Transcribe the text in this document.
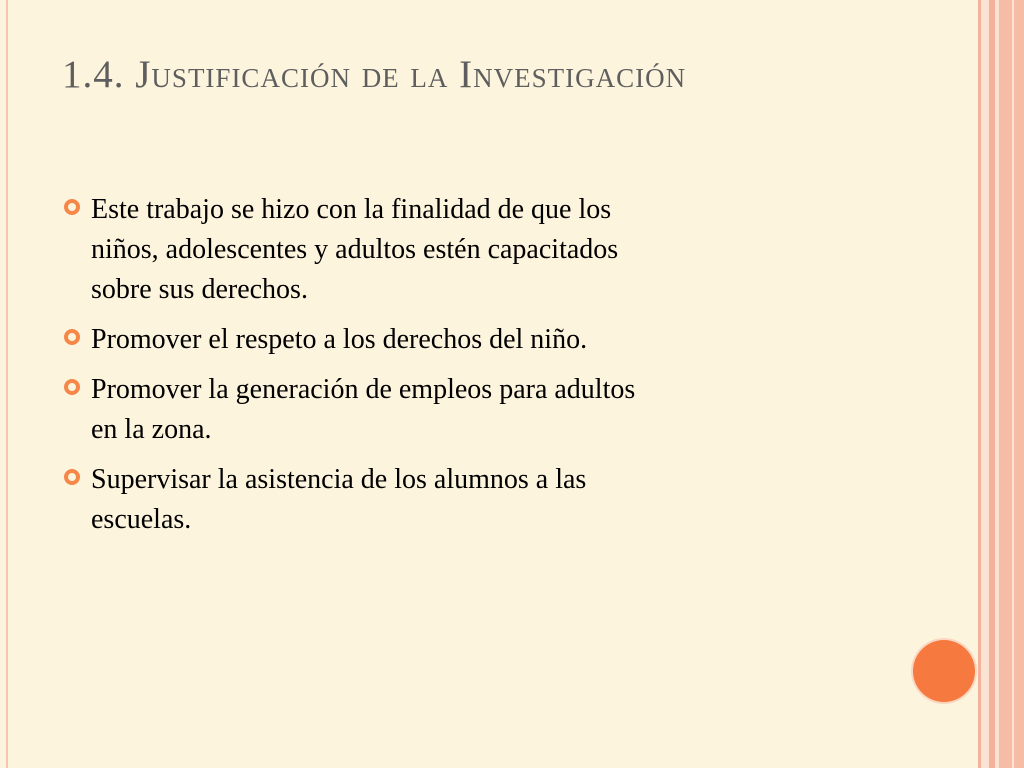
1.4. Justificación de la Investigación
Este trabajo se hizo con la finalidad de que los
niños, adolescentes y adultos estén capacitados
sobre sus derechos.
Promover el respeto a los derechos del niño.
Promover la generación de empleos para adultos
en la zona.
Supervisar la asistencia de los alumnos a las
escuelas.
